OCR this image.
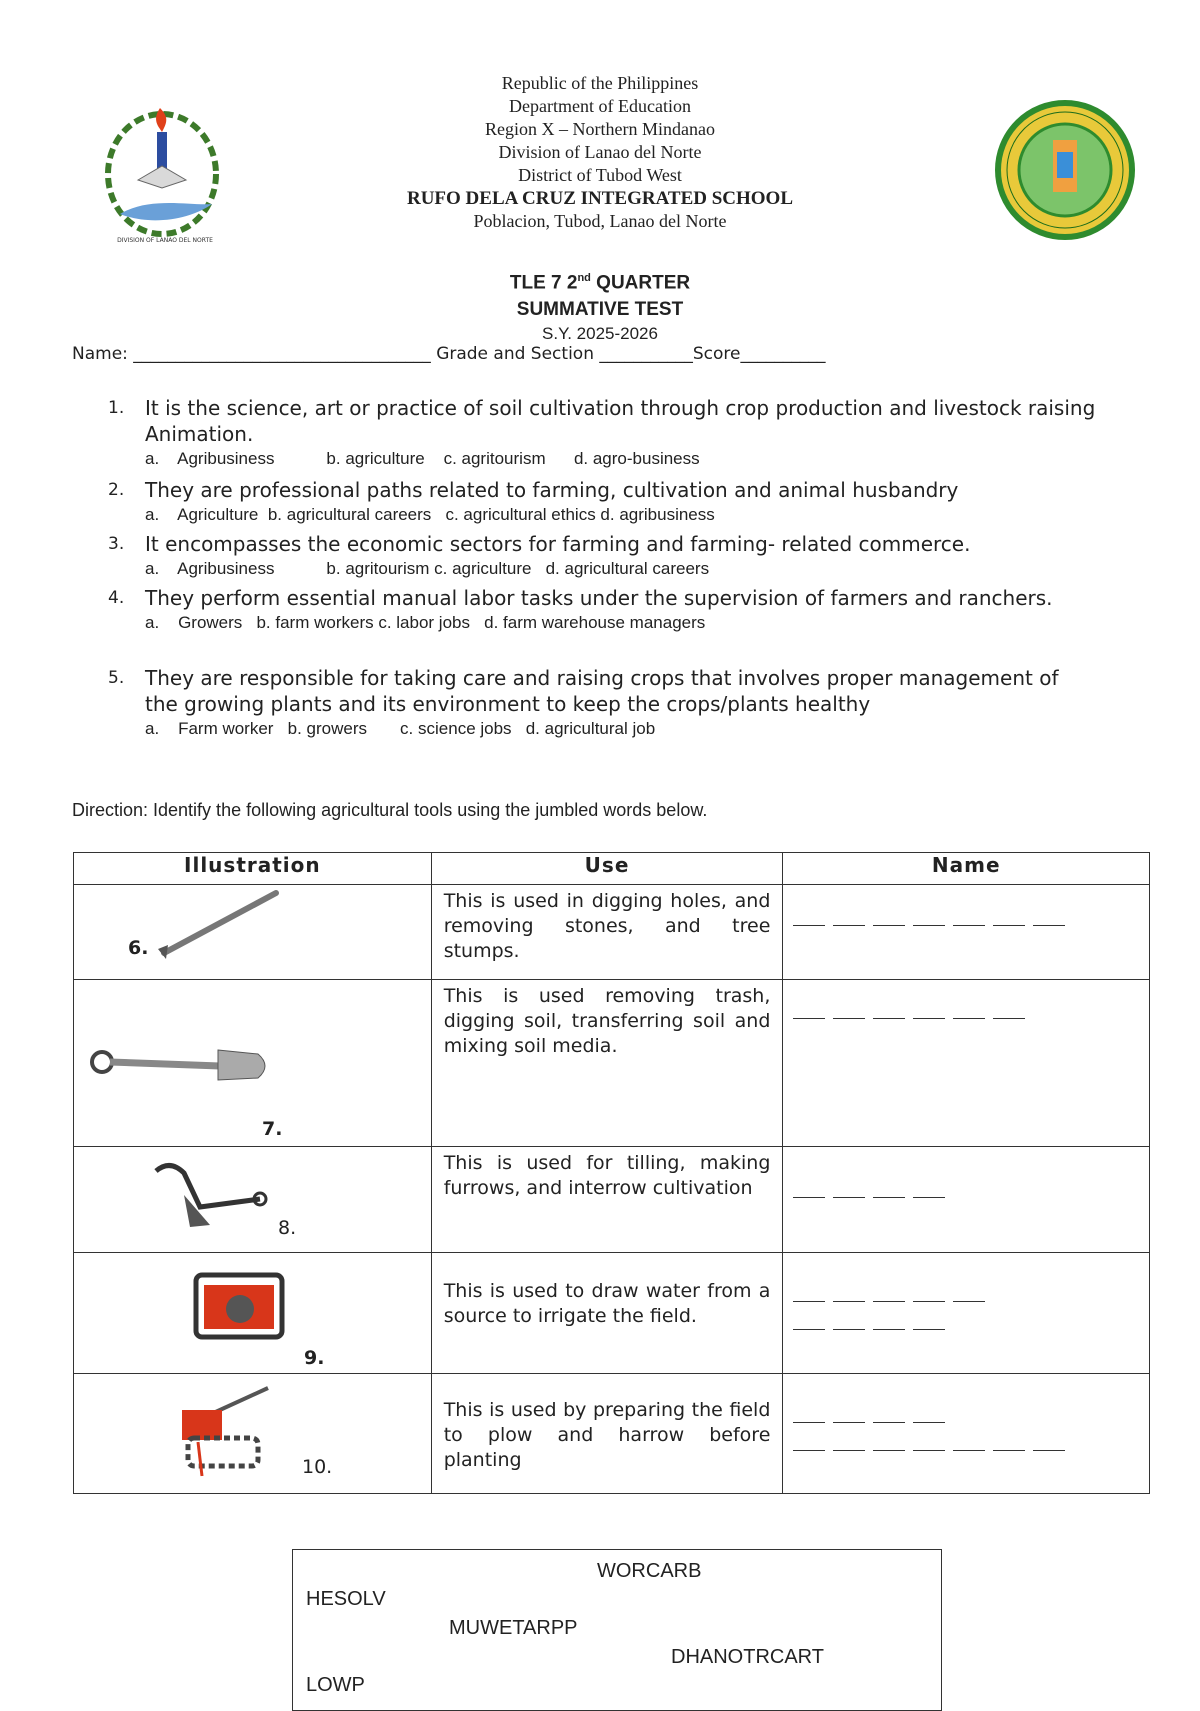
DIVISION OF LANAO DEL NORTE
Republic of the Philippines
Department of Education
Region X – Northern Mindanao
Division of Lanao del Norte
District of Tubod West
RUFO DELA CRUZ INTEGRATED SCHOOL
Poblacion, Tubod, Lanao del Norte
TLE 7 2nd QUARTER
SUMMATIVE TEST
S.Y. 2025-2026
Name: ___________________________________ Grade and Section ___________Score__________
1. It is the science, art or practice of soil cultivation through crop production and livestock raising Animation.
a.    Agribusiness           b. agriculture    c. agritourism      d. agro-business
2. They are professional paths related to farming, cultivation and animal husbandry
a.    Agriculture  b. agricultural careers   c. agricultural ethics d. agribusiness
3. It encompasses the economic sectors for farming and farming- related commerce.
a.    Agribusiness           b. agritourism c. agriculture   d. agricultural careers
4. They perform essential manual labor tasks under the supervision of farmers and ranchers.
a.    Growers   b. farm workers c. labor jobs   d. farm warehouse managers
5. They are responsible for taking care and raising crops that involves proper management of the growing plants and its environment to keep the crops/plants healthy
a.    Farm worker   b. growers       c. science jobs   d. agricultural job
Direction: Identify the following agricultural tools using the jumbled words below.
Illustration	Use	Name

6.	This is used in digging holes, and removing stones, and tree stumps.	

7.	This is used removing trash, digging soil, transferring soil and mixing soil media.	

8.	This is used for tilling, making furrows, and interrow cultivation	

9.	This is used to draw water from a source to irrigate the field.	

10.	This is used by preparing the field to plow and harrow before planting	
WORCARB
HESOLV
MUWETARPP
DHANOTRCART
LOWP
